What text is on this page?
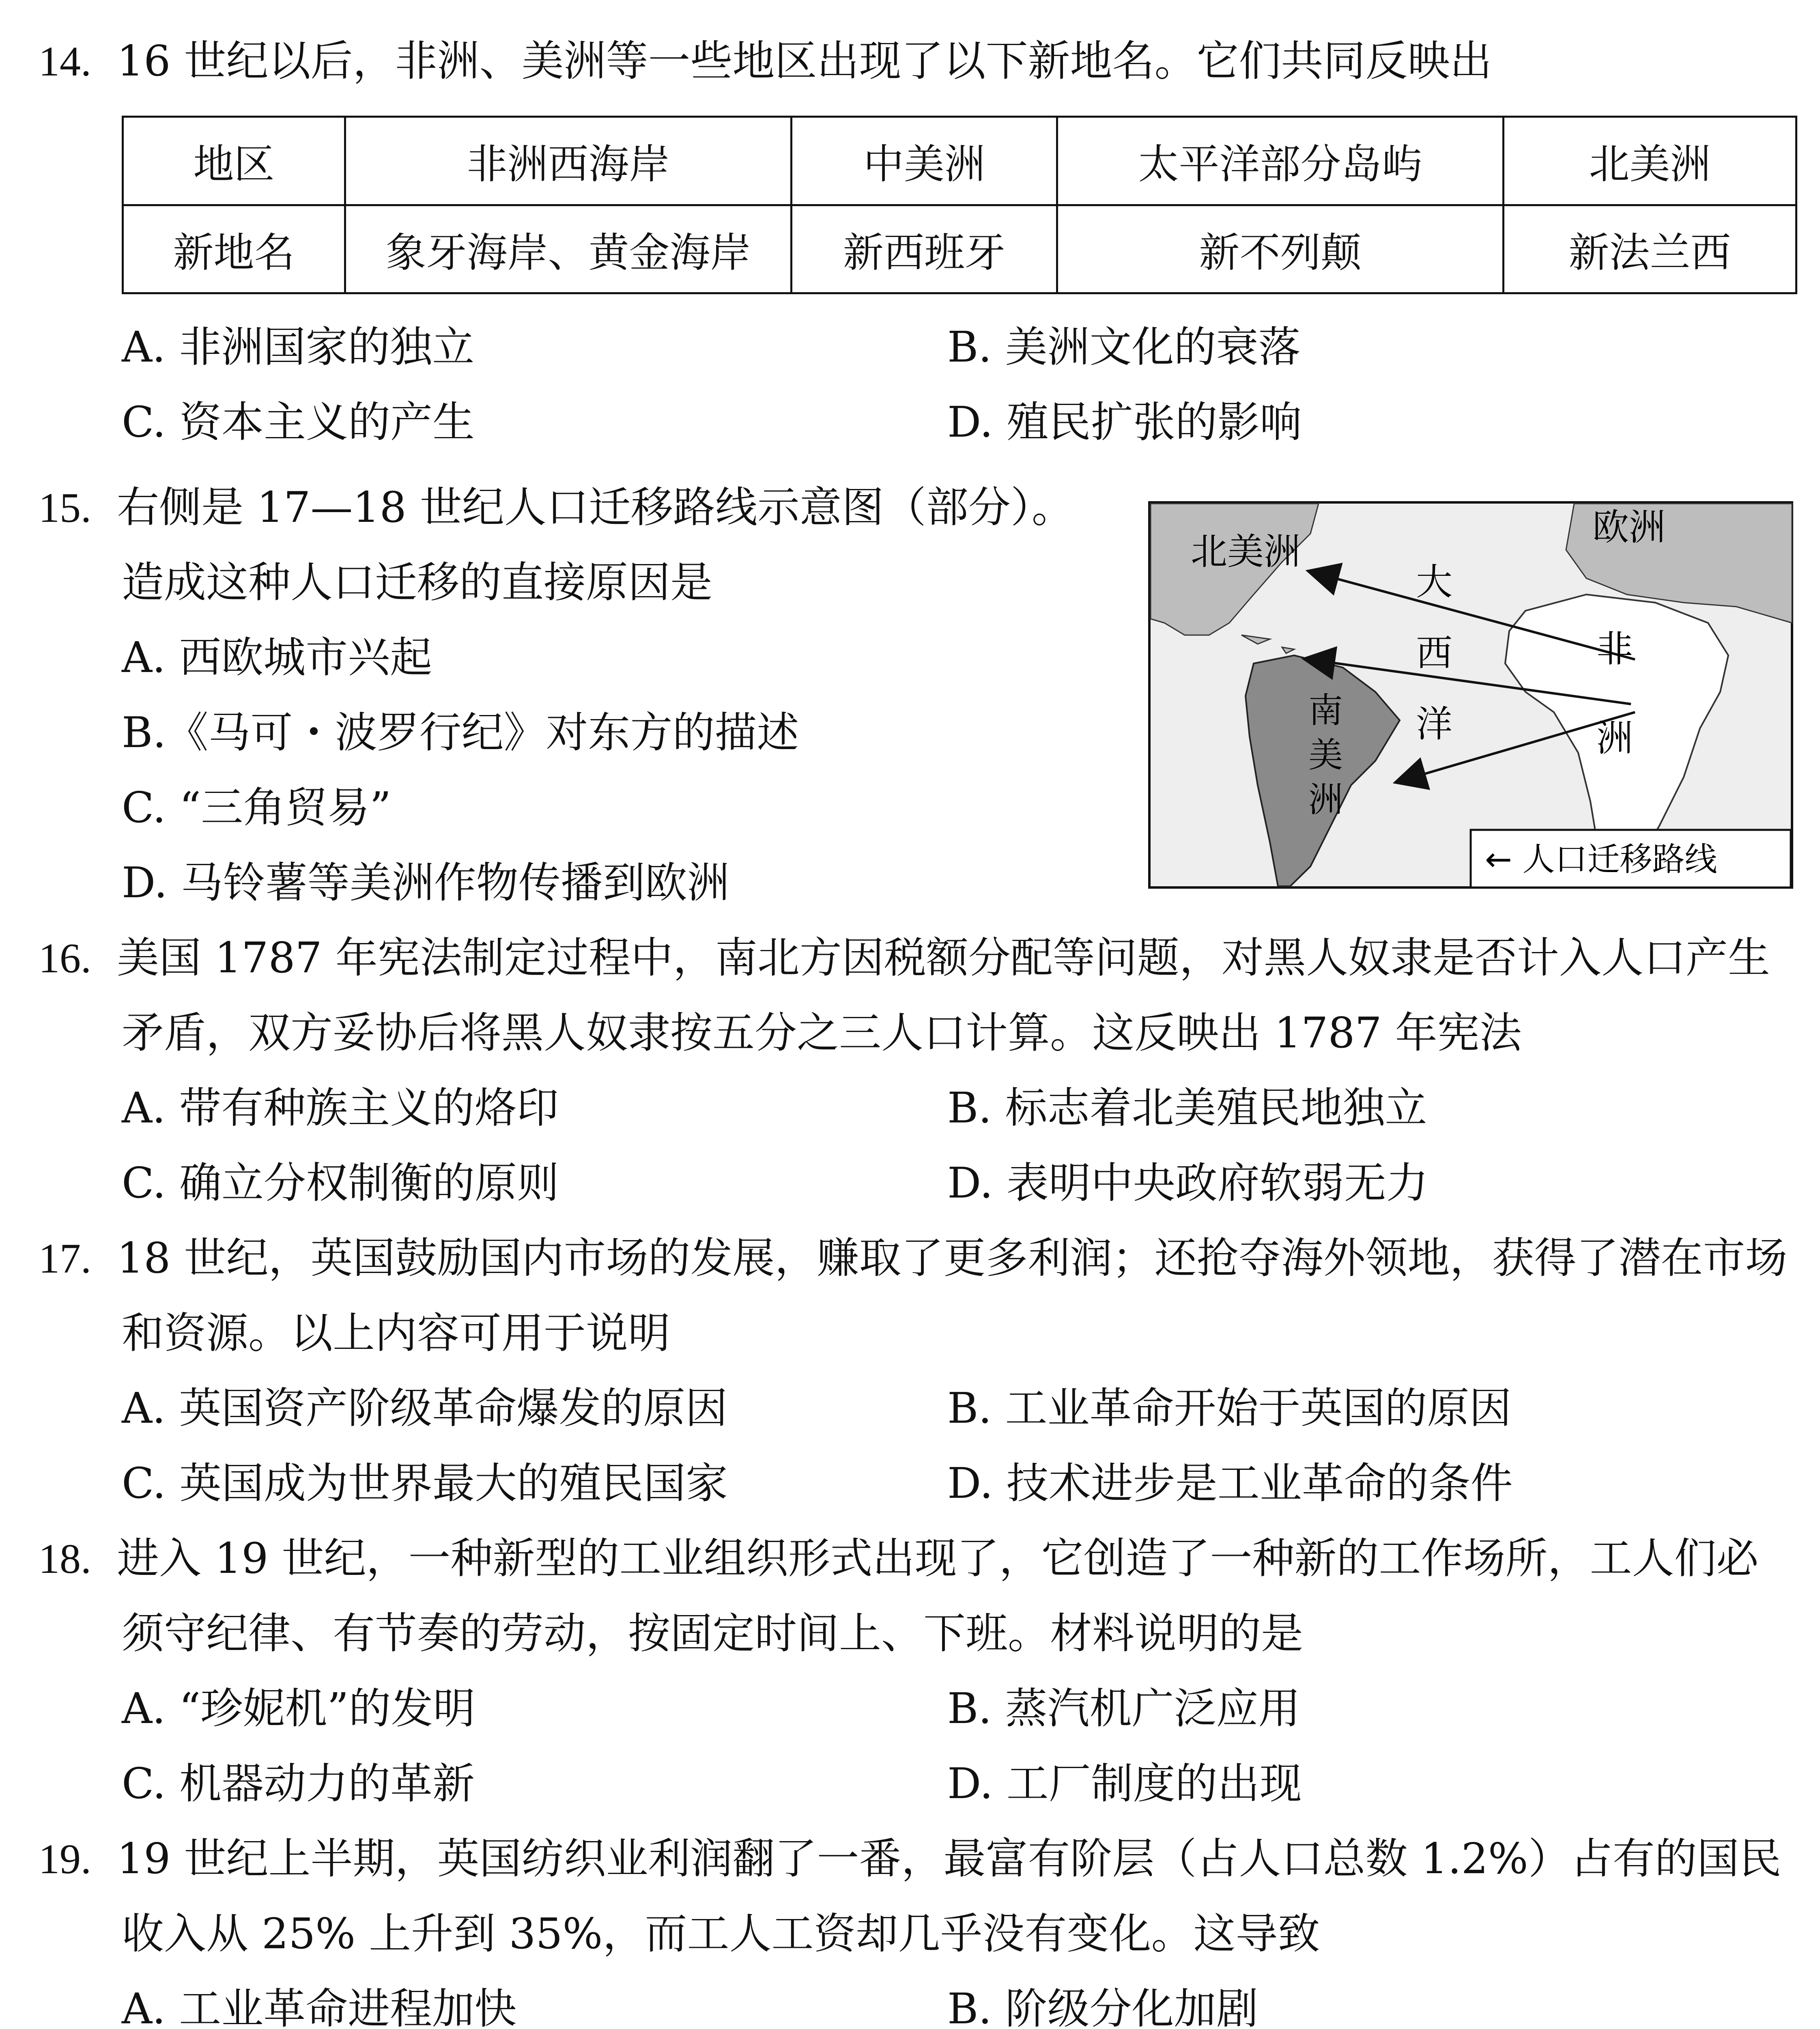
14. 16 世纪以后，非洲、美洲等一些地区出现了以下新地名。它们共同反映出
地区	非洲西海岸	中美洲	太平洋部分岛屿	北美洲
新地名	象牙海岸、黄金海岸	新西班牙	新不列颠	新法兰西
A. 非洲国家的独立	B. 美洲文化的衰落
C. 资本主义的产生	D. 殖民扩张的影响
15. 右侧是 17—18 世纪人口迁移路线示意图（部分）。
造成这种人口迁移的直接原因是
A. 西欧城市兴起
B.《马可・波罗行纪》对东方的描述
C. “三角贸易”
D. 马铃薯等美洲作物传播到欧洲
北美洲
欧洲
大
西
洋
非
洲
南
美
洲
← 人口迁移路线
16. 美国 1787 年宪法制定过程中，南北方因税额分配等问题，对黑人奴隶是否计入人口产生
矛盾，双方妥协后将黑人奴隶按五分之三人口计算。这反映出 1787 年宪法
A. 带有种族主义的烙印	B. 标志着北美殖民地独立
C. 确立分权制衡的原则	D. 表明中央政府软弱无力
17. 18 世纪，英国鼓励国内市场的发展，赚取了更多利润；还抢夺海外领地，获得了潜在市场
和资源。以上内容可用于说明
A. 英国资产阶级革命爆发的原因	B. 工业革命开始于英国的原因
C. 英国成为世界最大的殖民国家	D. 技术进步是工业革命的条件
18. 进入 19 世纪，一种新型的工业组织形式出现了，它创造了一种新的工作场所，工人们必
须守纪律、有节奏的劳动，按固定时间上、下班。材料说明的是
A. “珍妮机”的发明	B. 蒸汽机广泛应用
C. 机器动力的革新	D. 工厂制度的出现
19. 19 世纪上半期，英国纺织业利润翻了一番，最富有阶层（占人口总数 1.2%）占有的国民
收入从 25% 上升到 35%，而工人工资却几乎没有变化。这导致
A. 工业革命进程加快	B. 阶级分化加剧
